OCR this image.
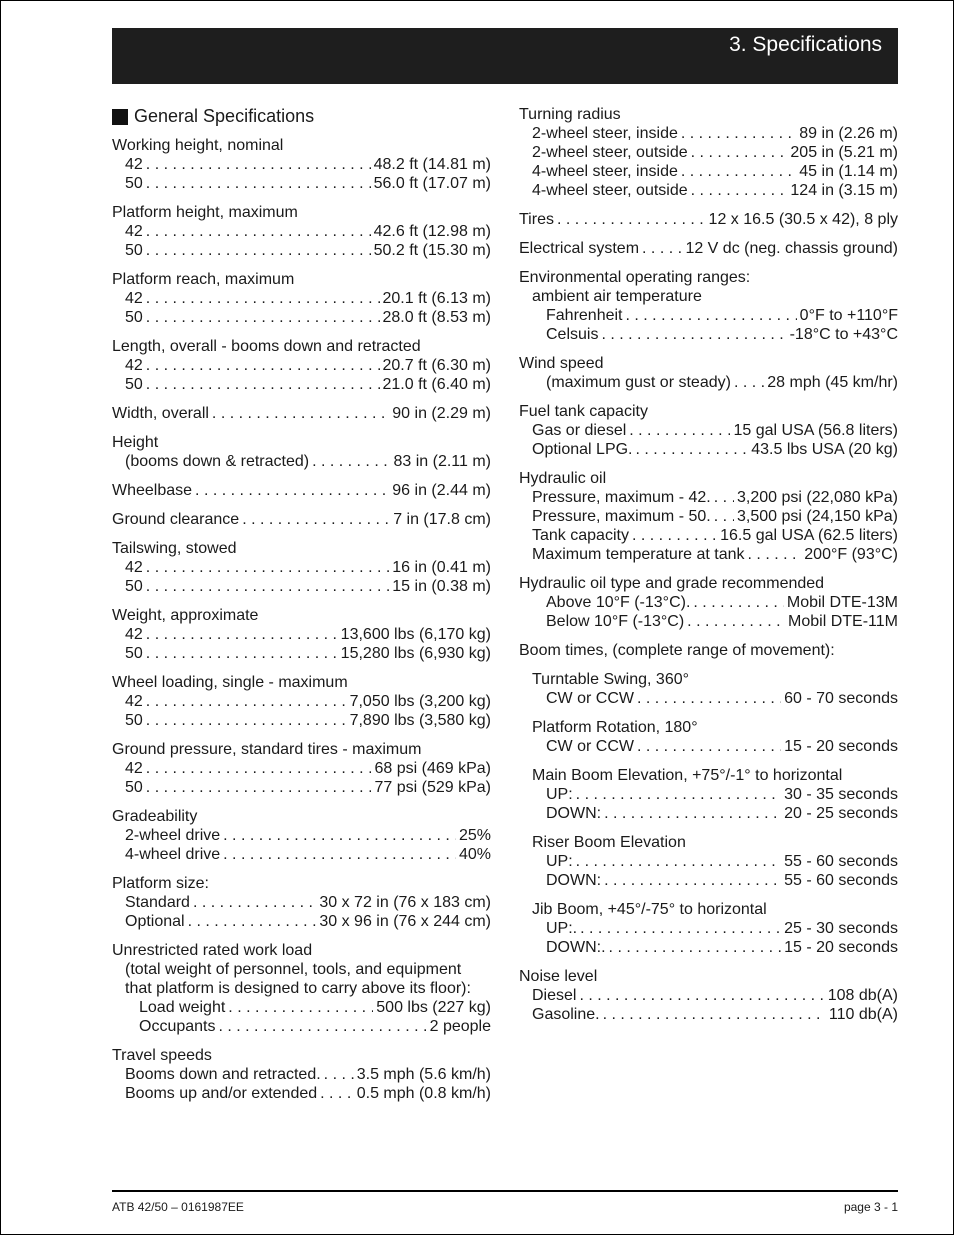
3. Specifications
General Specifications
Working height, nominal
42 . . .	48.2 ft (14.81 m)
50 . . .	56.0 ft (17.07 m)
Platform height, maximum
42 . . .	42.6 ft (12.98 m)
50 . . .	50.2 ft (15.30 m)
Platform reach, maximum
42 . . .	20.1 ft (6.13 m)
50 . . .	28.0 ft (8.53 m)
Length, overall - booms down and retracted
42 . . .	20.7 ft (6.30 m)
50 . . .	21.0 ft (6.40 m)
Width, overall . . .	90 in (2.29 m)
Height
(booms down & retracted) . . .	83 in (2.11 m)
Wheelbase . . .	96 in (2.44 m)
Ground clearance . . .	7 in (17.8 cm)
Tailswing, stowed
42 . . .	16 in (0.41 m)
50 . . .	15 in (0.38 m)
Weight, approximate
42 . . .	13,600 lbs (6,170 kg)
50 . . .	15,280 lbs (6,930 kg)
Wheel loading, single - maximum
42 . . .	7,050 lbs (3,200 kg)
50 . . .	7,890 lbs (3,580 kg)
Ground pressure, standard tires - maximum
42 . . .	68 psi (469 kPa)
50 . . .	77 psi (529 kPa)
Gradeability
2-wheel drive . . .	25%
4-wheel drive . . .	40%
Platform size:
Standard . . .	30 x 72 in (76 x 183 cm)
Optional . . .	30 x 96 in (76 x 244 cm)
Unrestricted rated work load
(total weight of personnel, tools, and equipment
that platform is designed to carry above its floor):
Load weight . . .	500 lbs (227 kg)
Occupants . . .	2 people
Travel speeds
Booms down and retracted. . . . 3.5 mph (5.6 km/h)
Booms up and/or extended . . . 0.5 mph (0.8 km/h)
Turning radius
2-wheel steer, inside . . .	89 in (2.26 m)
2-wheel steer, outside . . .	205 in (5.21 m)
4-wheel steer, inside . . .	45 in (1.14 m)
4-wheel steer, outside . . .	124 in (3.15 m)
Tires . . .	12 x 16.5 (30.5 x 42), 8 ply
Electrical system . . .	12 V dc (neg. chassis ground)
Environmental operating ranges:
ambient air temperature
Fahrenheit . . .	0°F to +110°F
Celsuis . . .	-18°C to +43°C
Wind speed
(maximum gust or steady) . . . 28 mph (45 km/hr)
Fuel tank capacity
Gas or diesel . . .	15 gal USA (56.8 liters)
Optional LPG. . . .	43.5 lbs USA (20 kg)
Hydraulic oil
Pressure, maximum - 42. . . . 3,200 psi (22,080 kPa)
Pressure, maximum - 50. . . . 3,500 psi (24,150 kPa)
Tank capacity . . .	16.5 gal USA (62.5 liters)
Maximum temperature at tank . . .	200°F (93°C)
Hydraulic oil type and grade recommended
Above 10°F (-13°C). . . .	Mobil DTE-13M
Below 10°F (-13°C) . . .	Mobil DTE-11M
Boom times, (complete range of movement):
Turntable Swing, 360°
CW or CCW . . .	60 - 70 seconds
Platform Rotation, 180°
CW or CCW . . .	15 - 20 seconds
Main Boom Elevation, +75°/-1° to horizontal
UP: . . .	30 - 35 seconds
DOWN: . . .	20 - 25 seconds
Riser Boom Elevation
UP: . . .	55 - 60 seconds
DOWN: . . .	55 - 60 seconds
Jib Boom, +45°/-75° to horizontal
UP:. . . .	25 - 30 seconds
DOWN:. . . .	15 - 20 seconds
Noise level
Diesel . . .	108 db(A)
Gasoline. . . .	110 db(A)
ATB 42/50 – 0161987EE	page 3 - 1
